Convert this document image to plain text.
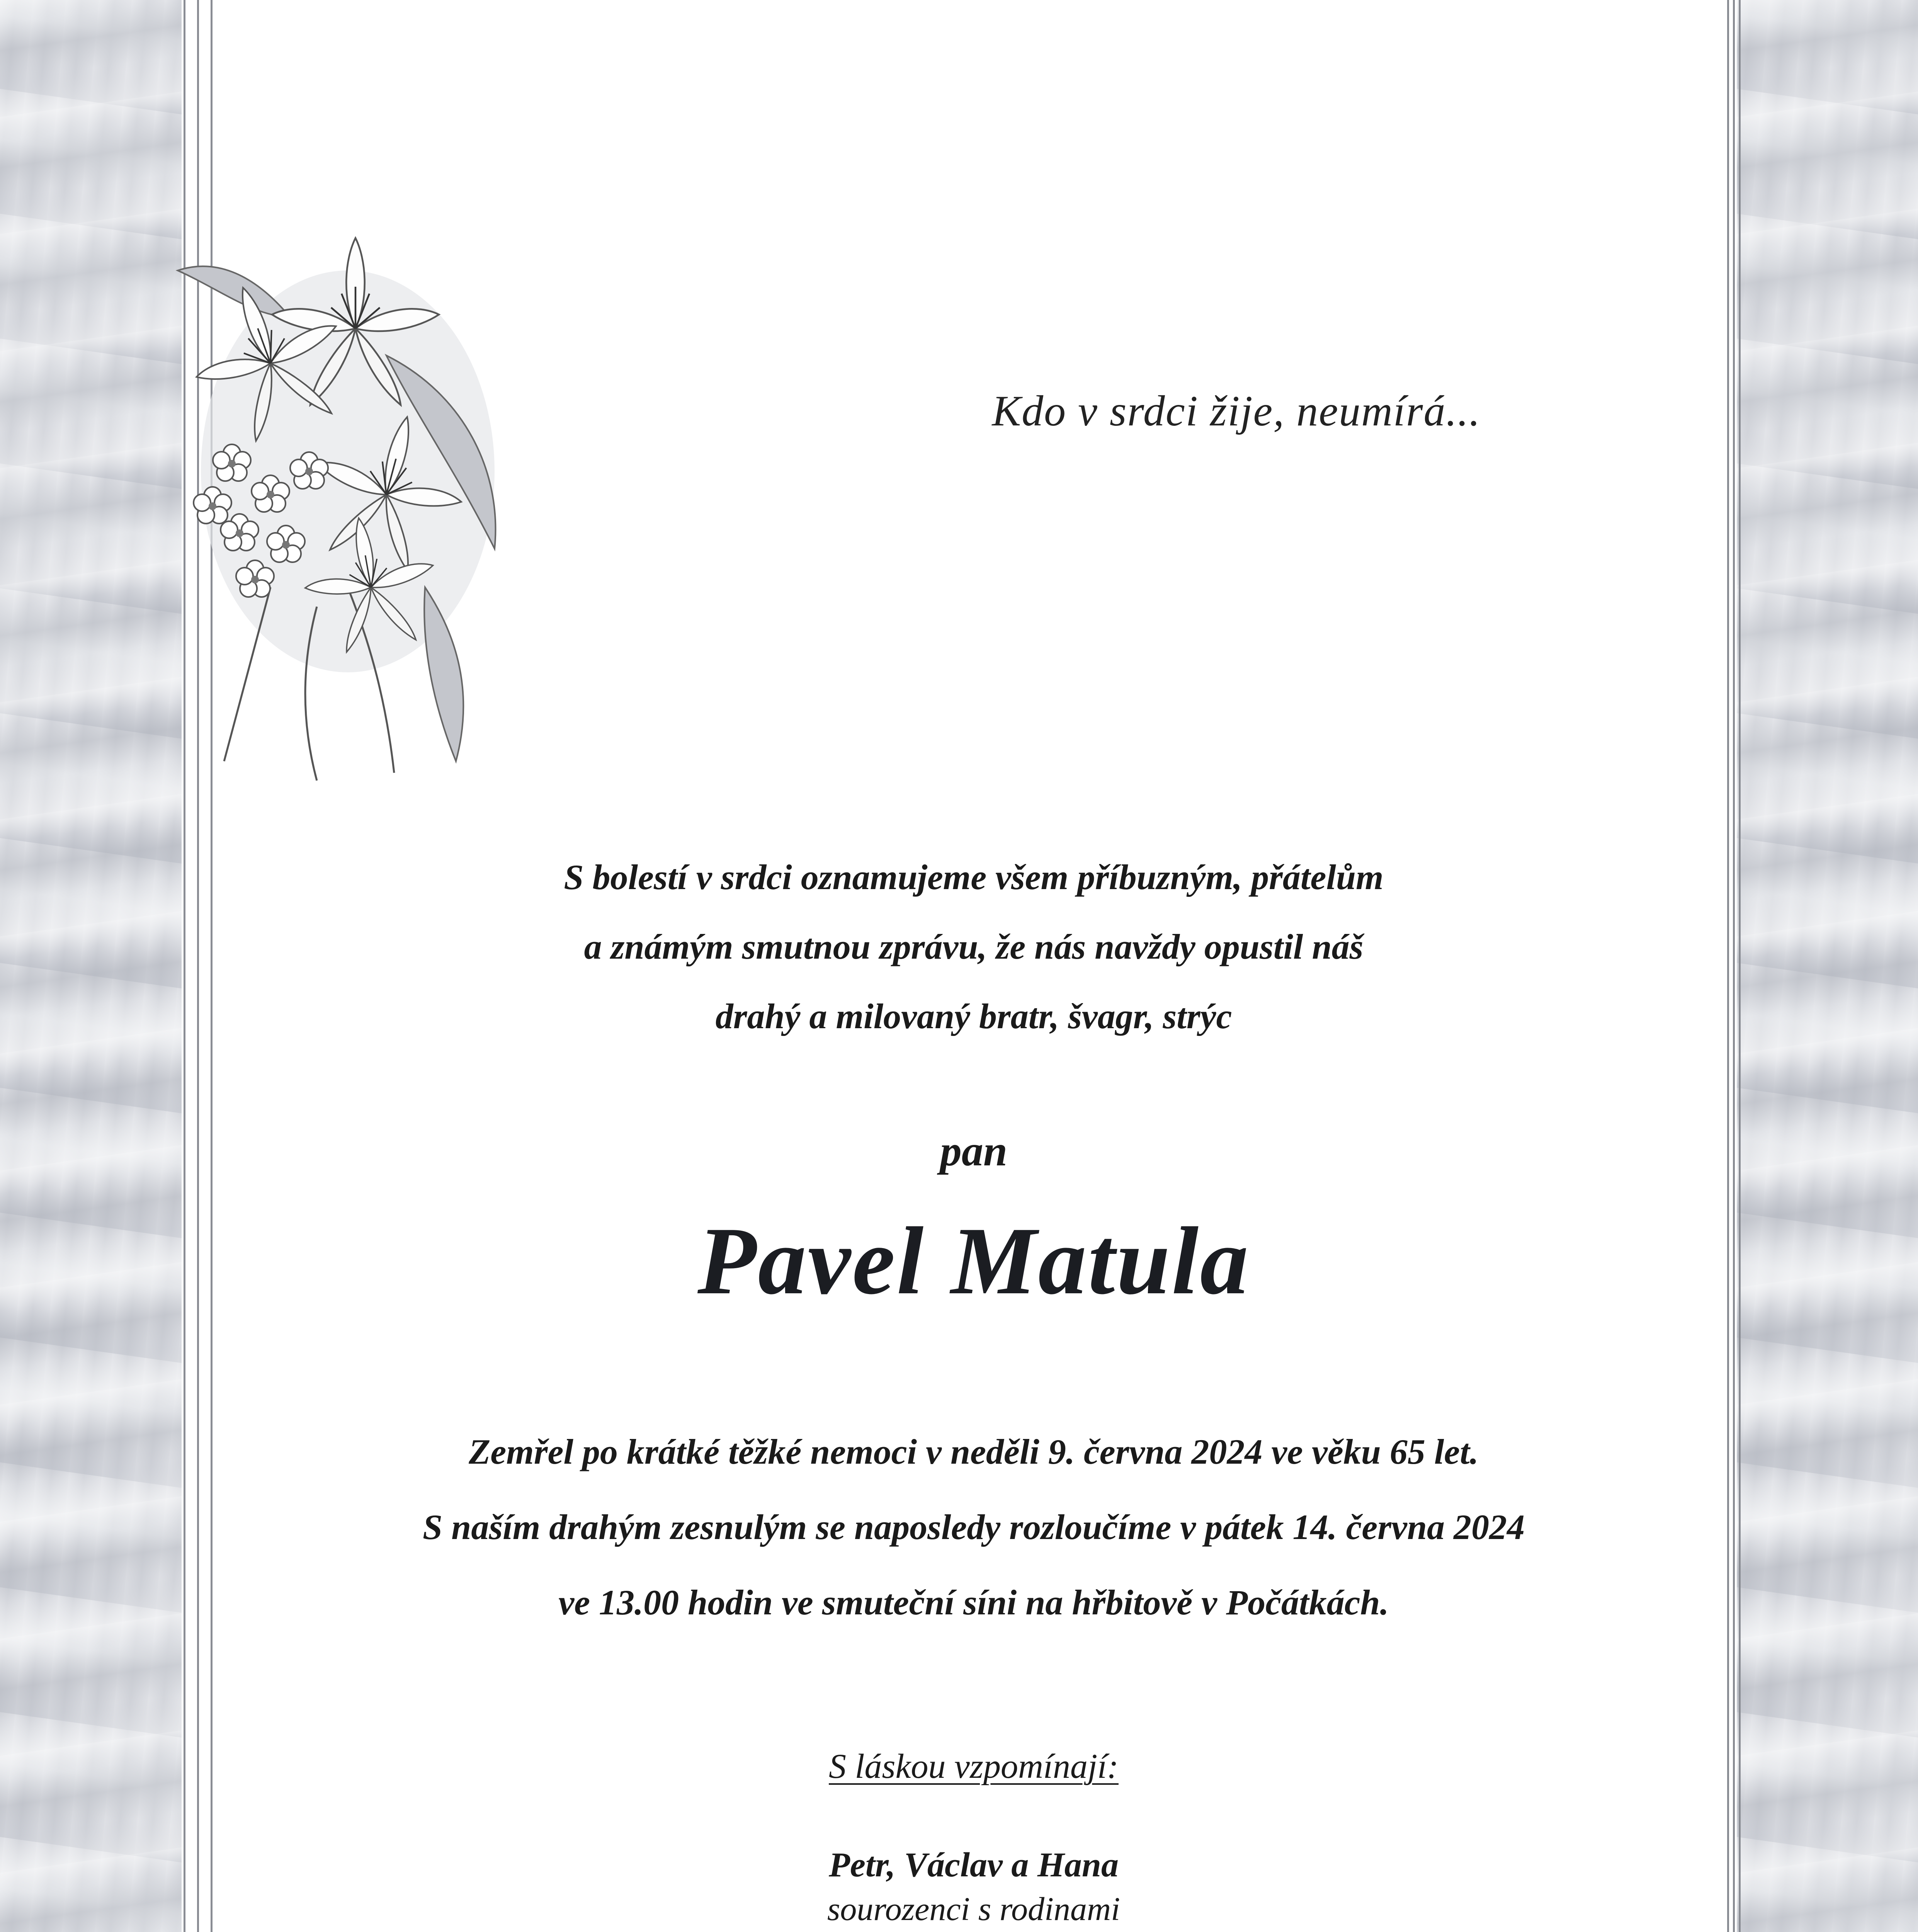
Kdo v srdci žije, neumírá...
S bolestí v srdci oznamujeme všem příbuzným, přátelům
a známým smutnou zprávu, že nás navždy opustil náš
drahý a milovaný bratr, švagr, strýc
pan
Pavel Matula
Zemřel po krátké těžké nemoci v neděli 9. června 2024 ve věku 65 let.
S naším drahým zesnulým se naposledy rozloučíme v pátek 14. června 2024
ve 13.00 hodin ve smuteční síni na hřbitově v Počátkách.
S láskou vzpomínají:
Petr, Václav a Hana
sourozenci s rodinami
